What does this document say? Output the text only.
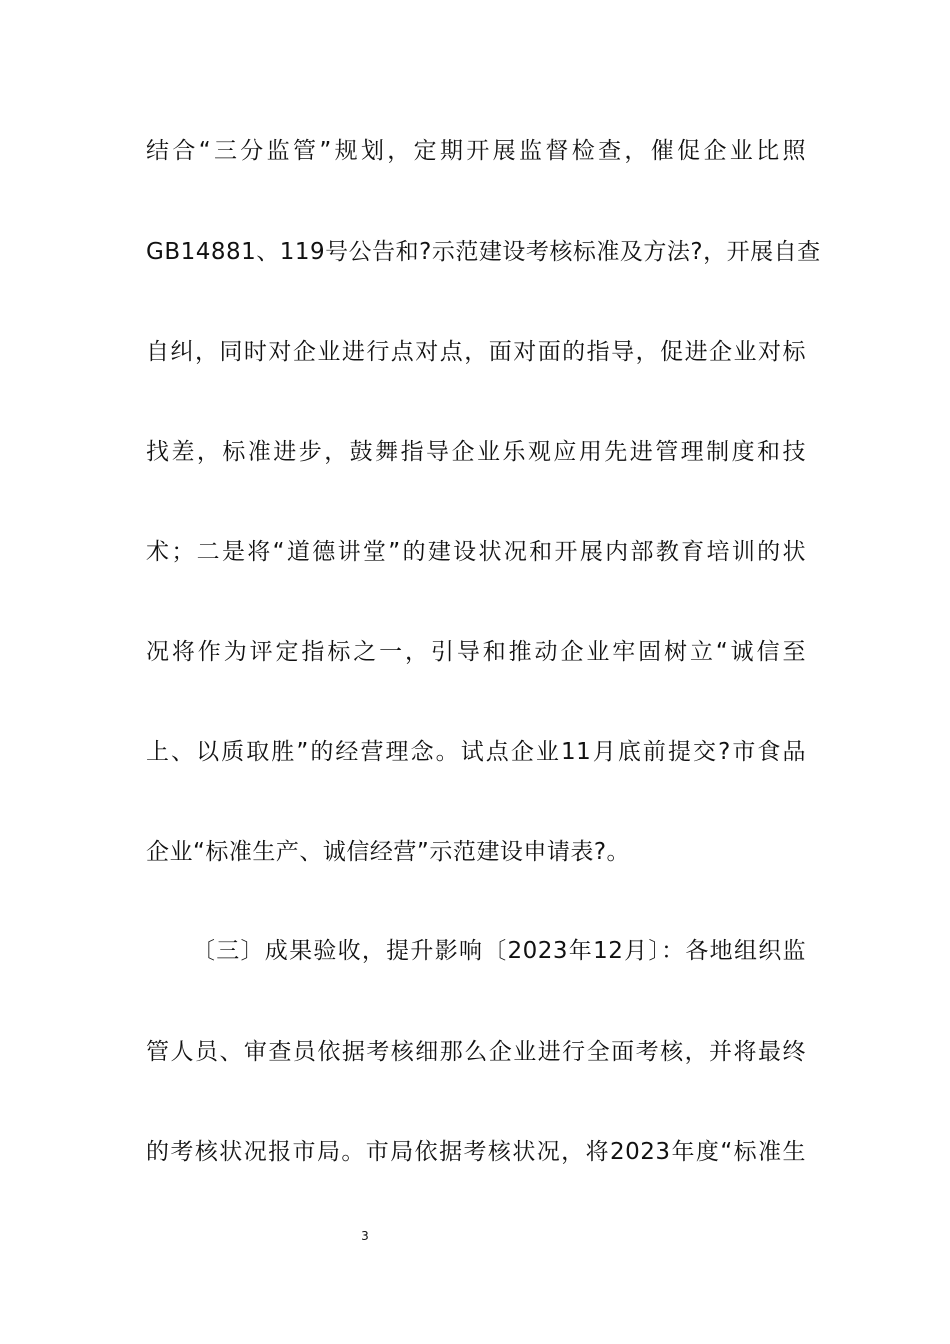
结合“三分监管”规划，定期开展监督检查，催促企业比照
GB14881、119号公告和?示范建设考核标准及方法?，开展自查
自纠，同时对企业进行点对点，面对面的指导，促进企业对标
找差，标准进步，鼓舞指导企业乐观应用先进管理制度和技
术；二是将“道德讲堂”的建设状况和开展内部教育培训的状
况将作为评定指标之一，引导和推动企业牢固树立“诚信至
上、以质取胜”的经营理念。试点企业11月底前提交?市食品
企业“标准生产、诚信经营”示范建设申请表?。
〔三〕成果验收，提升影响〔2023年12月〕：各地组织监
管人员、审查员依据考核细那么企业进行全面考核，并将最终
的考核状况报市局。市局依据考核状况，将2023年度“标准生
3
